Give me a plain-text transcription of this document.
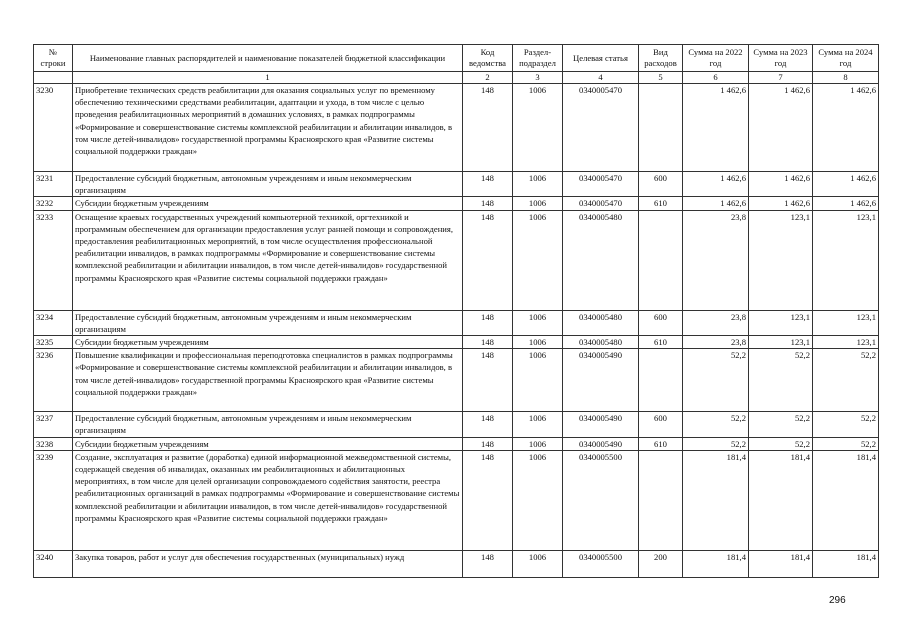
№ строки	Наименование главных распорядителей и наименование показателей бюджетной классификации	Код ведомства	Раздел-подраздел	Целевая статья	Вид расходов	Сумма на 2022 год	Сумма на 2023 год	Сумма на 2024 год
	1	2	3	4	5	6	7	8
3230	Приобретение технических средств реабилитации для оказания социальных услуг по временному обеспечению техническими средствами реабилитации, адаптации и ухода, в том числе с целью проведения реабилитационных мероприятий в домашних условиях, в рамках подпрограммы «Формирование и совершенствование системы комплексной реабилитации и абилитации инвалидов, в том числе детей-инвалидов» государственной программы Красноярского края «Развитие системы социальной поддержки граждан»	148	1006	0340005470		1 462,6	1 462,6	1 462,6
3231	Предоставление субсидий бюджетным, автономным учреждениям и иным некоммерческим организациям	148	1006	0340005470	600	1 462,6	1 462,6	1 462,6
3232	Субсидии бюджетным учреждениям	148	1006	0340005470	610	1 462,6	1 462,6	1 462,6
3233	Оснащение краевых государственных учреждений компьютерной техникой, оргтехникой и программным обеспечением для организации предоставления услуг ранней помощи и сопровождения, предоставления реабилитационных мероприятий, в том числе осуществления профессиональной реабилитации инвалидов, в рамках подпрограммы «Формирование и совершенствование системы комплексной реабилитации и абилитации инвалидов, в том числе детей-инвалидов» государственной программы Красноярского края «Развитие системы социальной поддержки граждан»	148	1006	0340005480		23,8	123,1	123,1
3234	Предоставление субсидий бюджетным, автономным учреждениям и иным некоммерческим организациям	148	1006	0340005480	600	23,8	123,1	123,1
3235	Субсидии бюджетным учреждениям	148	1006	0340005480	610	23,8	123,1	123,1
3236	Повышение квалификации и профессиональная переподготовка специалистов в рамках подпрограммы «Формирование и совершенствование системы комплексной реабилитации и абилитации инвалидов, в том числе детей-инвалидов» государственной программы Красноярского края «Развитие системы социальной поддержки граждан»	148	1006	0340005490		52,2	52,2	52,2
3237	Предоставление субсидий бюджетным, автономным учреждениям и иным некоммерческим организациям	148	1006	0340005490	600	52,2	52,2	52,2
3238	Субсидии бюджетным учреждениям	148	1006	0340005490	610	52,2	52,2	52,2
3239	Создание, эксплуатация и развитие (доработка) единой информационной межведомственной системы, содержащей сведения об инвалидах, оказанных им реабилитационных и абилитационных мероприятиях, в том числе для целей организации сопровождаемого содействия занятости, реестра реабилитационных организаций в рамках подпрограммы «Формирование и совершенствование системы комплексной реабилитации и абилитации инвалидов, в том числе детей-инвалидов» государственной программы Красноярского края «Развитие системы социальной поддержки граждан»	148	1006	0340005500		181,4	181,4	181,4
3240	Закупка товаров, работ и услуг для обеспечения государственных (муниципальных) нужд	148	1006	0340005500	200	181,4	181,4	181,4
296
